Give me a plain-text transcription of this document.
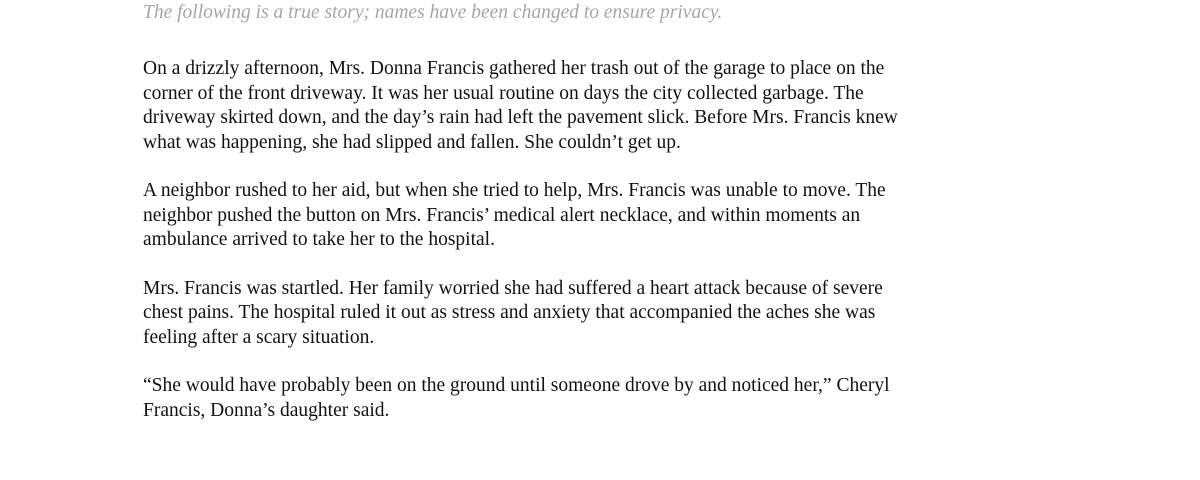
The following is a true story; names have been changed to ensure privacy.

On a drizzly afternoon, Mrs. Donna Francis gathered her trash out of the garage to place on the
corner of the front driveway. It was her usual routine on days the city collected garbage. The
driveway skirted down, and the day’s rain had left the pavement slick. Before Mrs. Francis knew
what was happening, she had slipped and fallen. She couldn’t get up.

A neighbor rushed to her aid, but when she tried to help, Mrs. Francis was unable to move. The
neighbor pushed the button on Mrs. Francis’ medical alert necklace, and within moments an
ambulance arrived to take her to the hospital.

Mrs. Francis was startled. Her family worried she had suffered a heart attack because of severe
chest pains. The hospital ruled it out as stress and anxiety that accompanied the aches she was
feeling after a scary situation.

“She would have probably been on the ground until someone drove by and noticed her,” Cheryl
Francis, Donna’s daughter said.
